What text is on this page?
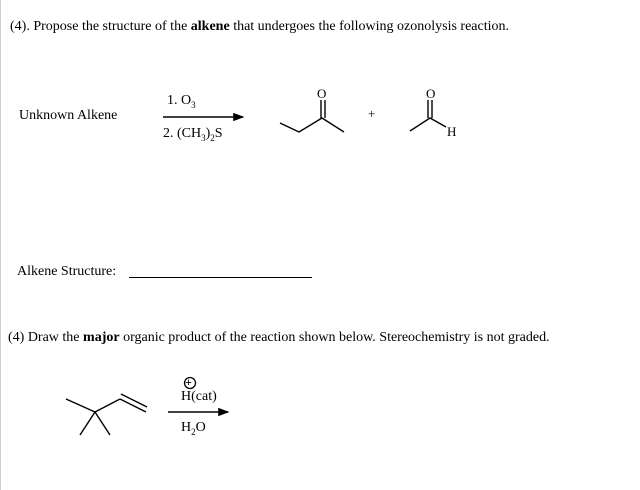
(4). Propose the structure of the alkene that undergoes the following ozonolysis reaction.
Unknown Alkene
1. $O_3$
2. $(CH_3)_2S$
+
O	O
H
Alkene Structure:
(4) Draw the major organic product of the reaction shown below. Stereochemistry is not graded.
H(cat)
+
$H_2O$
